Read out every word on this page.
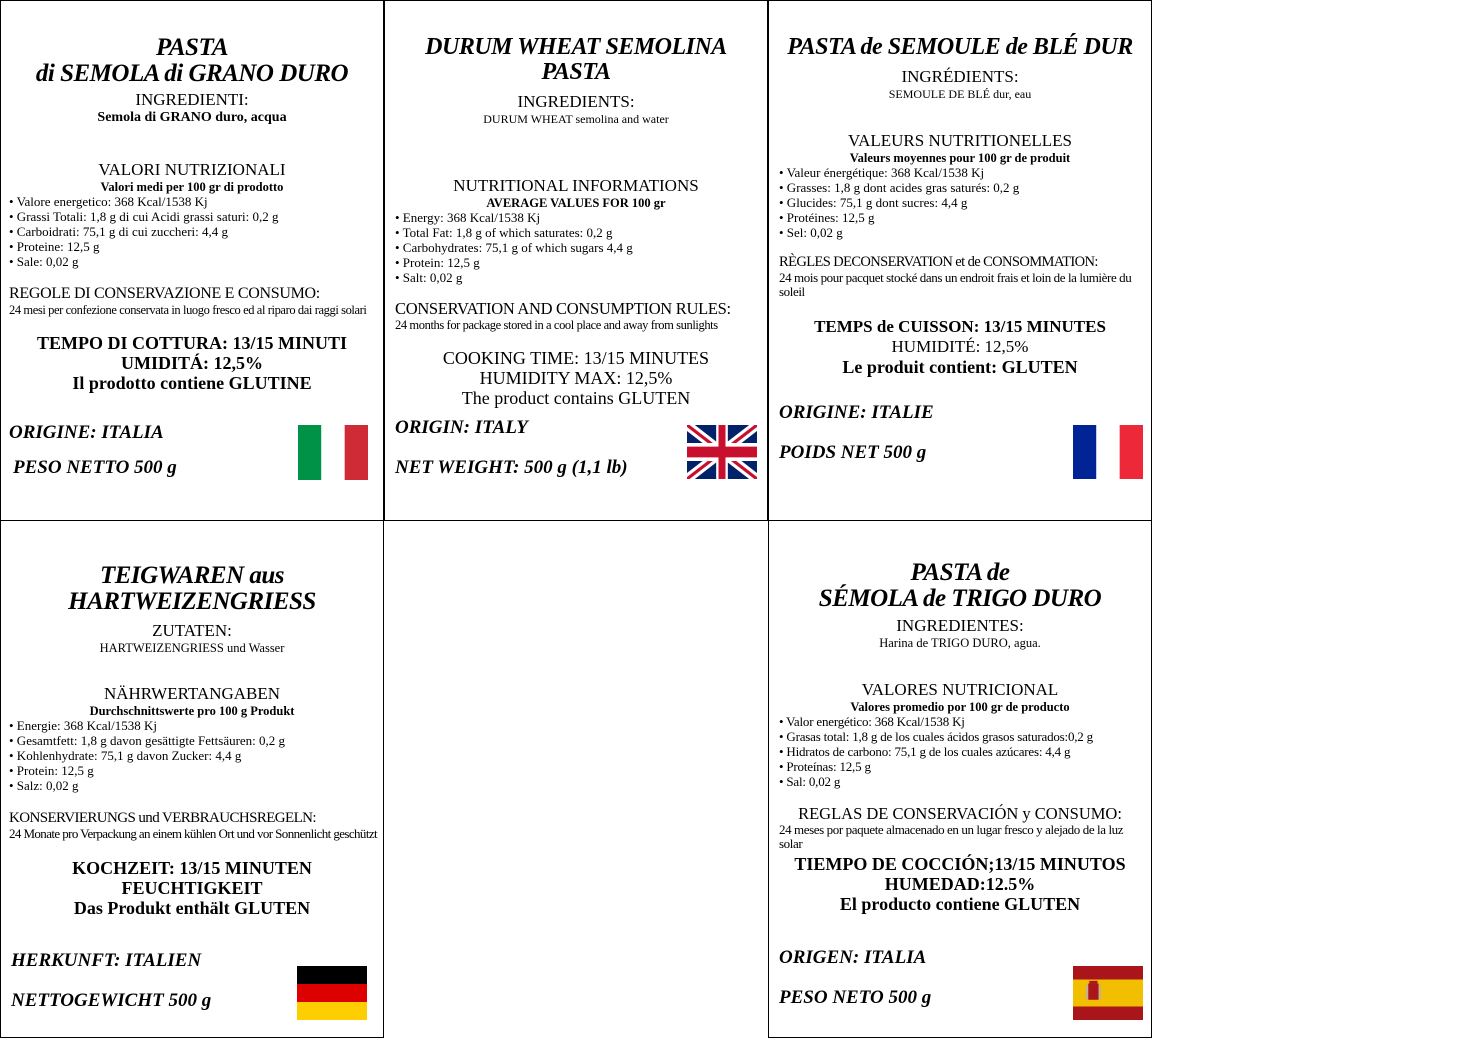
PASTA
di SEMOLA di GRANO DURO
INGREDIENTI:
Semola di GRANO duro, acqua
VALORI NUTRIZIONALI
Valori medi per 100 gr di prodotto
• Valore energetico: 368 Kcal/1538 Kj
• Grassi Totali: 1,8 g di cui Acidi grassi saturi: 0,2 g
• Carboidrati: 75,1 g di cui zuccheri: 4,4 g
• Proteine: 12,5 g
• Sale: 0,02 g
REGOLE DI CONSERVAZIONE E CONSUMO:
24 mesi per confezione conservata in luogo fresco ed al riparo dai raggi solari
TEMPO DI COTTURA: 13/15 MINUTI
UMIDITÁ: 12,5%
Il prodotto contiene GLUTINE
ORIGINE: ITALIA
PESO NETTO 500 g
DURUM WHEAT SEMOLINA
PASTA
INGREDIENTS:
DURUM WHEAT semolina and water
NUTRITIONAL INFORMATIONS
AVERAGE VALUES FOR 100 gr
• Energy: 368 Kcal/1538 Kj
• Total Fat: 1,8 g of which saturates: 0,2 g
• Carbohydrates: 75,1 g of which sugars 4,4 g
• Protein: 12,5 g
• Salt: 0,02 g
CONSERVATION AND CONSUMPTION RULES:
24 months for package stored in a cool place and away from sunlights
COOKING TIME: 13/15 MINUTES
HUMIDITY MAX: 12,5%
The product contains GLUTEN
ORIGIN: ITALY
NET WEIGHT: 500 g (1,1 lb)
PASTA de SEMOULE de BLÉ DUR
INGRÉDIENTS:
SEMOULE DE BLÉ dur, eau
VALEURS NUTRITIONELLES
Valeurs moyennes pour 100 gr de produit
• Valeur énergétique: 368 Kcal/1538 Kj
• Grasses: 1,8 g dont acides gras saturés: 0,2 g
• Glucides: 75,1 g dont sucres: 4,4 g
• Protéines: 12,5 g
• Sel: 0,02 g
RÈGLES DECONSERVATION et de CONSOMMATION:
24 mois pour pacquet stocké dans un endroit frais et loin de la lumière du soleil
TEMPS de CUISSON: 13/15 MINUTES
HUMIDITÉ: 12,5%
Le produit contient: GLUTEN
ORIGINE: ITALIE
POIDS NET 500 g
TEIGWAREN aus
HARTWEIZENGRIESS
ZUTATEN:
HARTWEIZENGRIESS und Wasser
NÄHRWERTANGABEN
Durchschnittswerte pro 100 g Produkt
• Energie: 368 Kcal/1538 Kj
• Gesamtfett: 1,8 g davon gesättigte Fettsäuren: 0,2 g
• Kohlenhydrate: 75,1 g davon Zucker: 4,4 g
• Protein: 12,5 g
• Salz: 0,02 g
KONSERVIERUNGS und VERBRAUCHSREGELN:
24 Monate pro Verpackung an einem kühlen Ort und vor Sonnenlicht geschützt
KOCHZEIT: 13/15 MINUTEN
FEUCHTIGKEIT
Das Produkt enthält GLUTEN
HERKUNFT: ITALIEN
NETTOGEWICHT 500 g
PASTA de
SÉMOLA de TRIGO DURO
INGREDIENTES:
Harina de TRIGO DURO, agua.
VALORES NUTRICIONAL
Valores promedio por 100 gr de producto
• Valor energético: 368 Kcal/1538 Kj
• Grasas total: 1,8 g de los cuales ácidos grasos saturados:0,2 g
• Hidratos de carbono: 75,1 g de los cuales azúcares: 4,4 g
• Proteínas: 12,5 g
• Sal: 0,02 g
REGLAS DE CONSERVACIÓN y CONSUMO:
24 meses por paquete almacenado en un lugar fresco y alejado de la luz solar
TIEMPO DE COCCIÓN;13/15 MINUTOS
HUMEDAD:12.5%
El producto contiene GLUTEN
ORIGEN: ITALIA
PESO NETO 500 g
